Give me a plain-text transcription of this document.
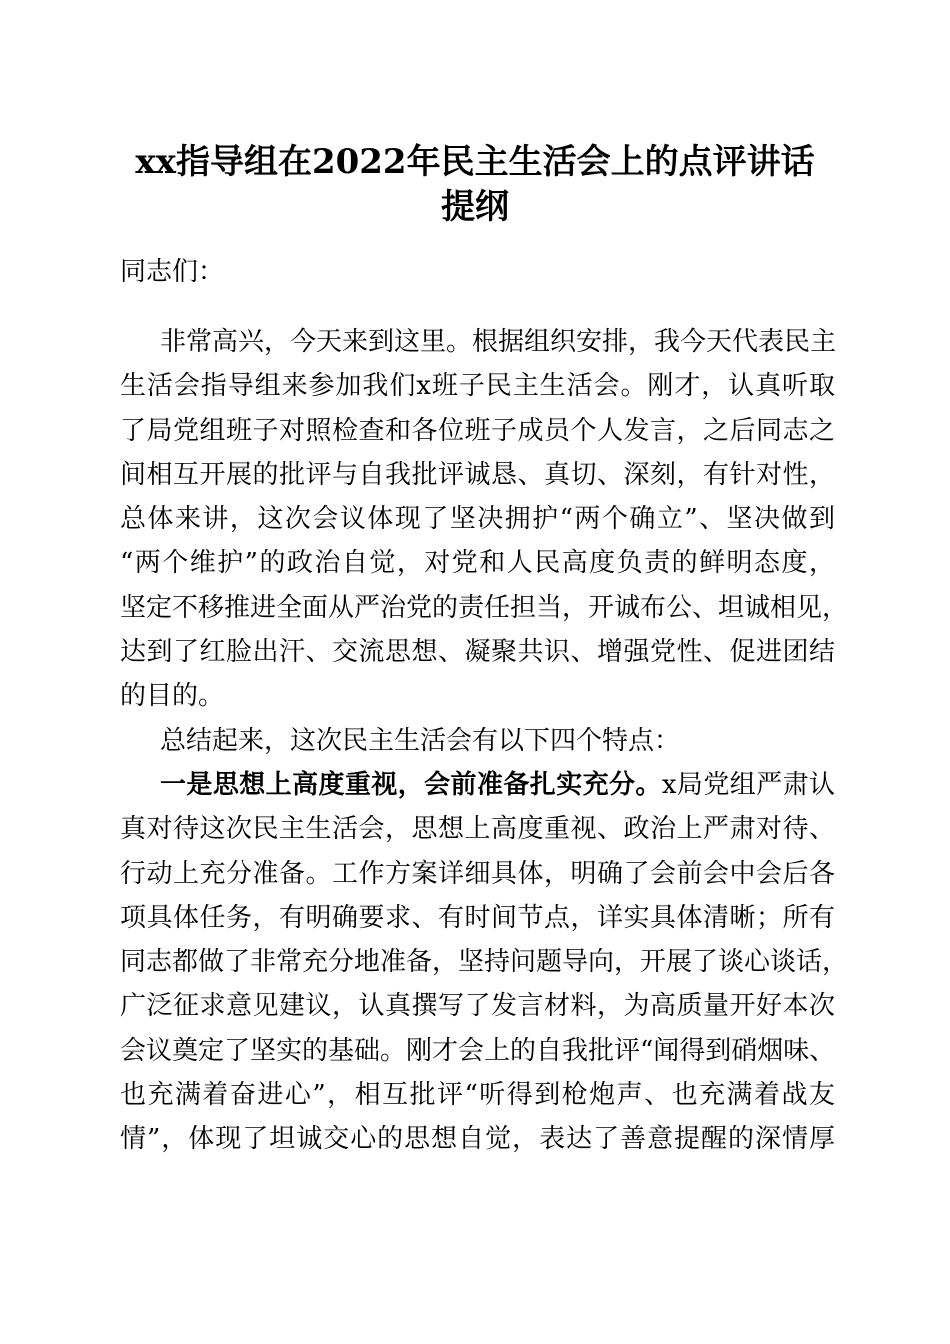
xx指导组在2022年民主生活会上的点评讲话
提纲
同志们：
非常高兴，今天来到这里。根据组织安排，我今天代表民主
生活会指导组来参加我们x班子民主生活会。刚才，认真听取
了局党组班子对照检查和各位班子成员个人发言，之后同志之
间相互开展的批评与自我批评诚恳、真切、深刻，有针对性，
总体来讲，这次会议体现了坚决拥护“两个确立”、坚决做到
“两个维护”的政治自觉，对党和人民高度负责的鲜明态度，
坚定不移推进全面从严治党的责任担当，开诚布公、坦诚相见，
达到了红脸出汗、交流思想、凝聚共识、增强党性、促进团结
的目的。
总结起来，这次民主生活会有以下四个特点：
一是思想上高度重视，会前准备扎实充分。x局党组严肃认
真对待这次民主生活会，思想上高度重视、政治上严肃对待、
行动上充分准备。工作方案详细具体，明确了会前会中会后各
项具体任务，有明确要求、有时间节点，详实具体清晰；所有
同志都做了非常充分地准备，坚持问题导向，开展了谈心谈话，
广泛征求意见建议，认真撰写了发言材料，为高质量开好本次
会议奠定了坚实的基础。刚才会上的自我批评“闻得到硝烟味、
也充满着奋进心”，相互批评“听得到枪炮声、也充满着战友
情”，体现了坦诚交心的思想自觉，表达了善意提醒的深情厚
